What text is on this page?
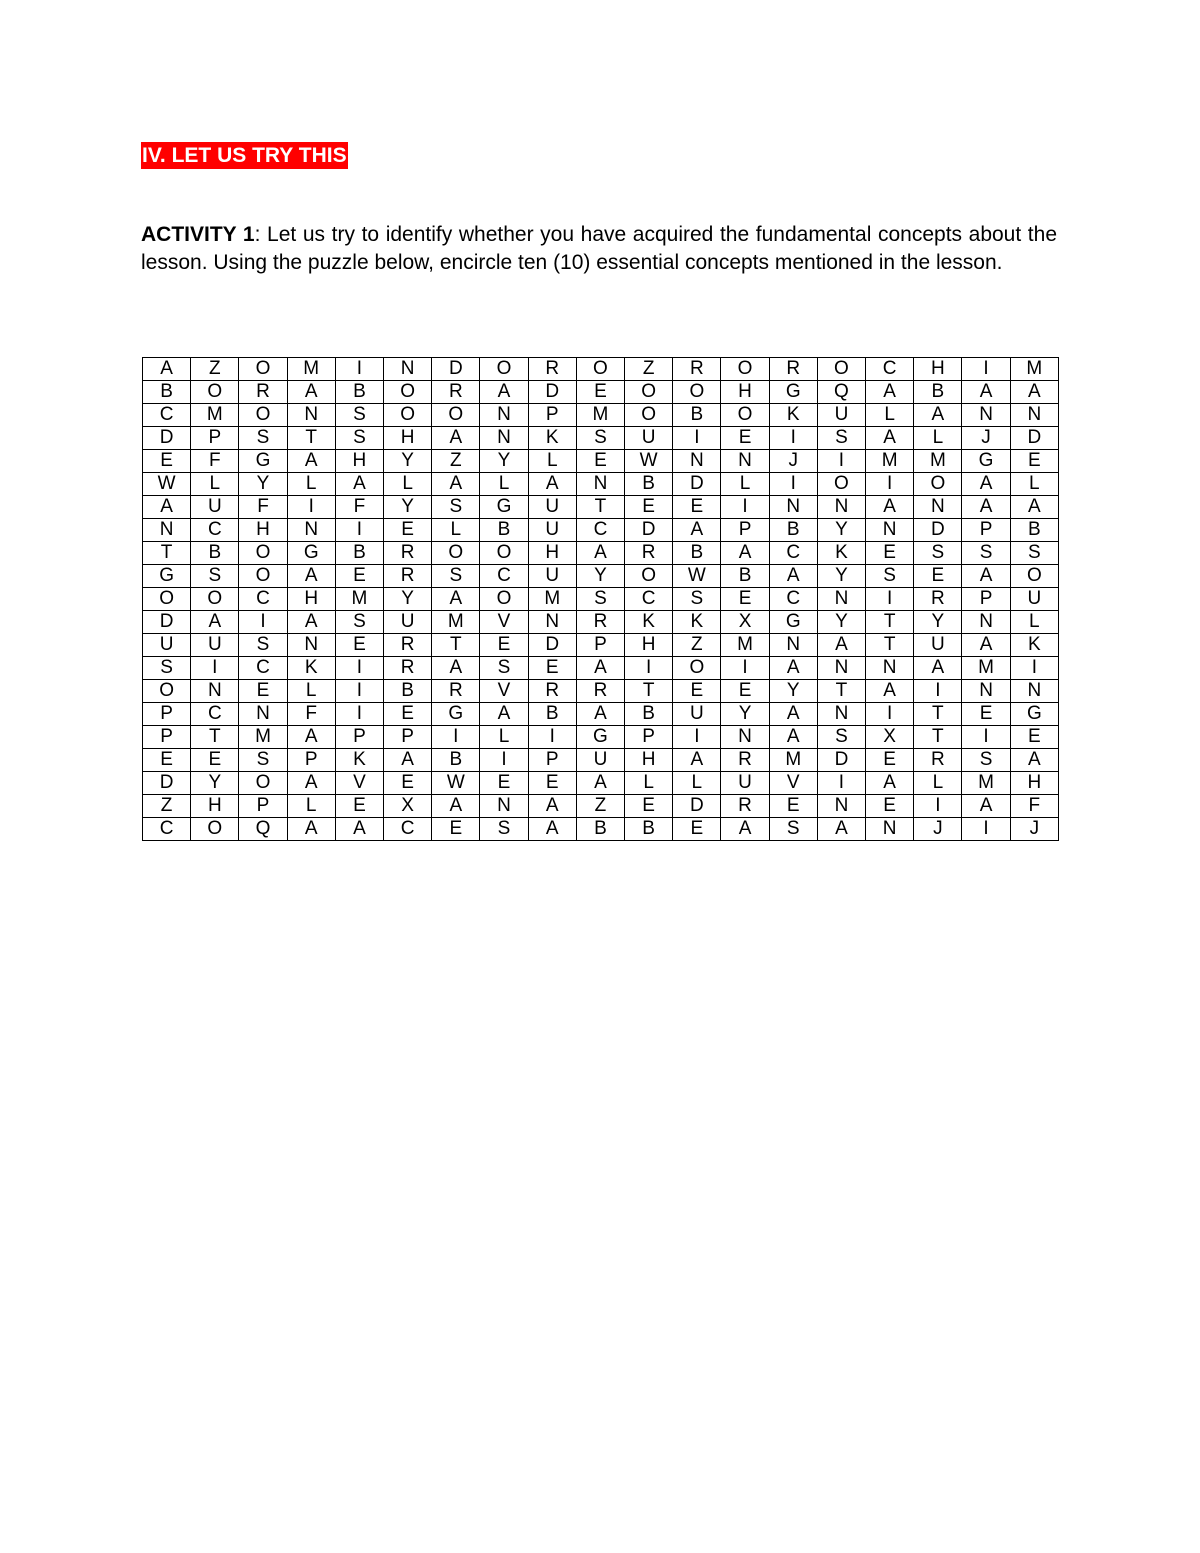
IV. LET US TRY THIS

ACTIVITY 1: Let us try to identify whether you have acquired the fundamental concepts about the lesson. Using the puzzle below, encircle ten (10) essential concepts mentioned in the lesson.

A	Z	O	M	I	N	D	O	R	O	Z	R	O	R	O	C	H	I	M
B	O	R	A	B	O	R	A	D	E	O	O	H	G	Q	A	B	A	A
C	M	O	N	S	O	O	N	P	M	O	B	O	K	U	L	A	N	N
D	P	S	T	S	H	A	N	K	S	U	I	E	I	S	A	L	J	D
E	F	G	A	H	Y	Z	Y	L	E	W	N	N	J	I	M	M	G	E
W	L	Y	L	A	L	A	L	A	N	B	D	L	I	O	I	O	A	L
A	U	F	I	F	Y	S	G	U	T	E	E	I	N	N	A	N	A	A
N	C	H	N	I	E	L	B	U	C	D	A	P	B	Y	N	D	P	B
T	B	O	G	B	R	O	O	H	A	R	B	A	C	K	E	S	S	S
G	S	O	A	E	R	S	C	U	Y	O	W	B	A	Y	S	E	A	O
O	O	C	H	M	Y	A	O	M	S	C	S	E	C	N	I	R	P	U
D	A	I	A	S	U	M	V	N	R	K	K	X	G	Y	T	Y	N	L
U	U	S	N	E	R	T	E	D	P	H	Z	M	N	A	T	U	A	K
S	I	C	K	I	R	A	S	E	A	I	O	I	A	N	N	A	M	I
O	N	E	L	I	B	R	V	R	R	T	E	E	Y	T	A	I	N	N
P	C	N	F	I	E	G	A	B	A	B	U	Y	A	N	I	T	E	G
P	T	M	A	P	P	I	L	I	G	P	I	N	A	S	X	T	I	E
E	E	S	P	K	A	B	I	P	U	H	A	R	M	D	E	R	S	A
D	Y	O	A	V	E	W	E	E	A	L	L	U	V	I	A	L	M	H
Z	H	P	L	E	X	A	N	A	Z	E	D	R	E	N	E	I	A	F
C	O	Q	A	A	C	E	S	A	B	B	E	A	S	A	N	J	I	J
